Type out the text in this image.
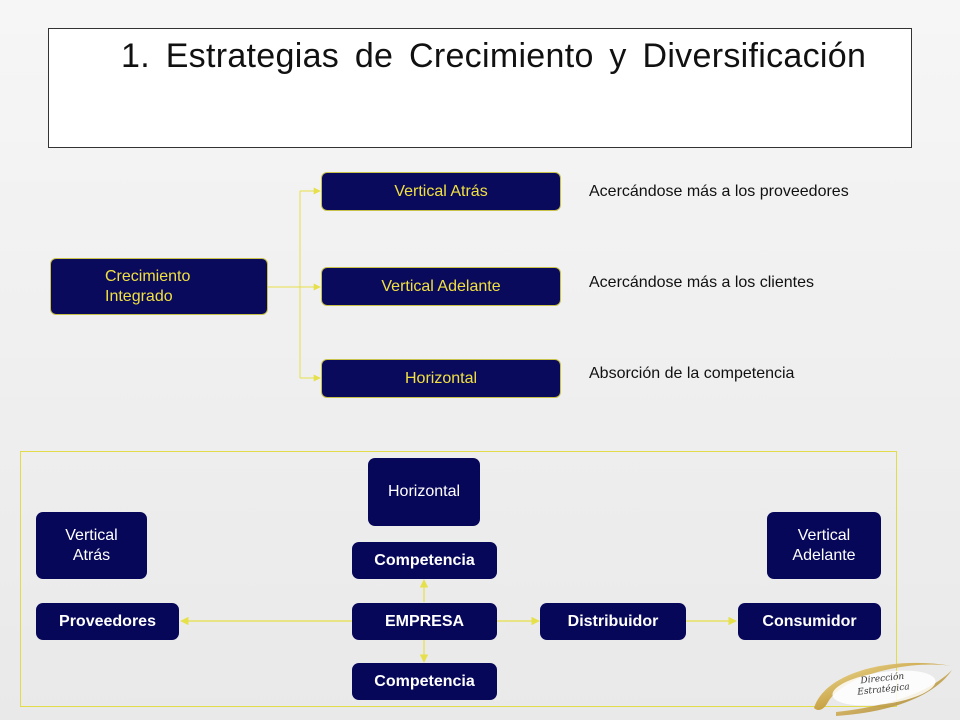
1. Estrategias de Crecimiento y Diversificación
Crecimiento
Integrado
Vertical Atrás
Vertical Adelante
Horizontal
Acercándose más a los proveedores
Acercándose más a los clientes
Absorción de la competencia
Horizontal
Vertical
Atrás
Vertical
Adelante
Competencia
EMPRESA
Competencia
Proveedores	Distribuidor	Consumidor
Dirección
Estratégica
